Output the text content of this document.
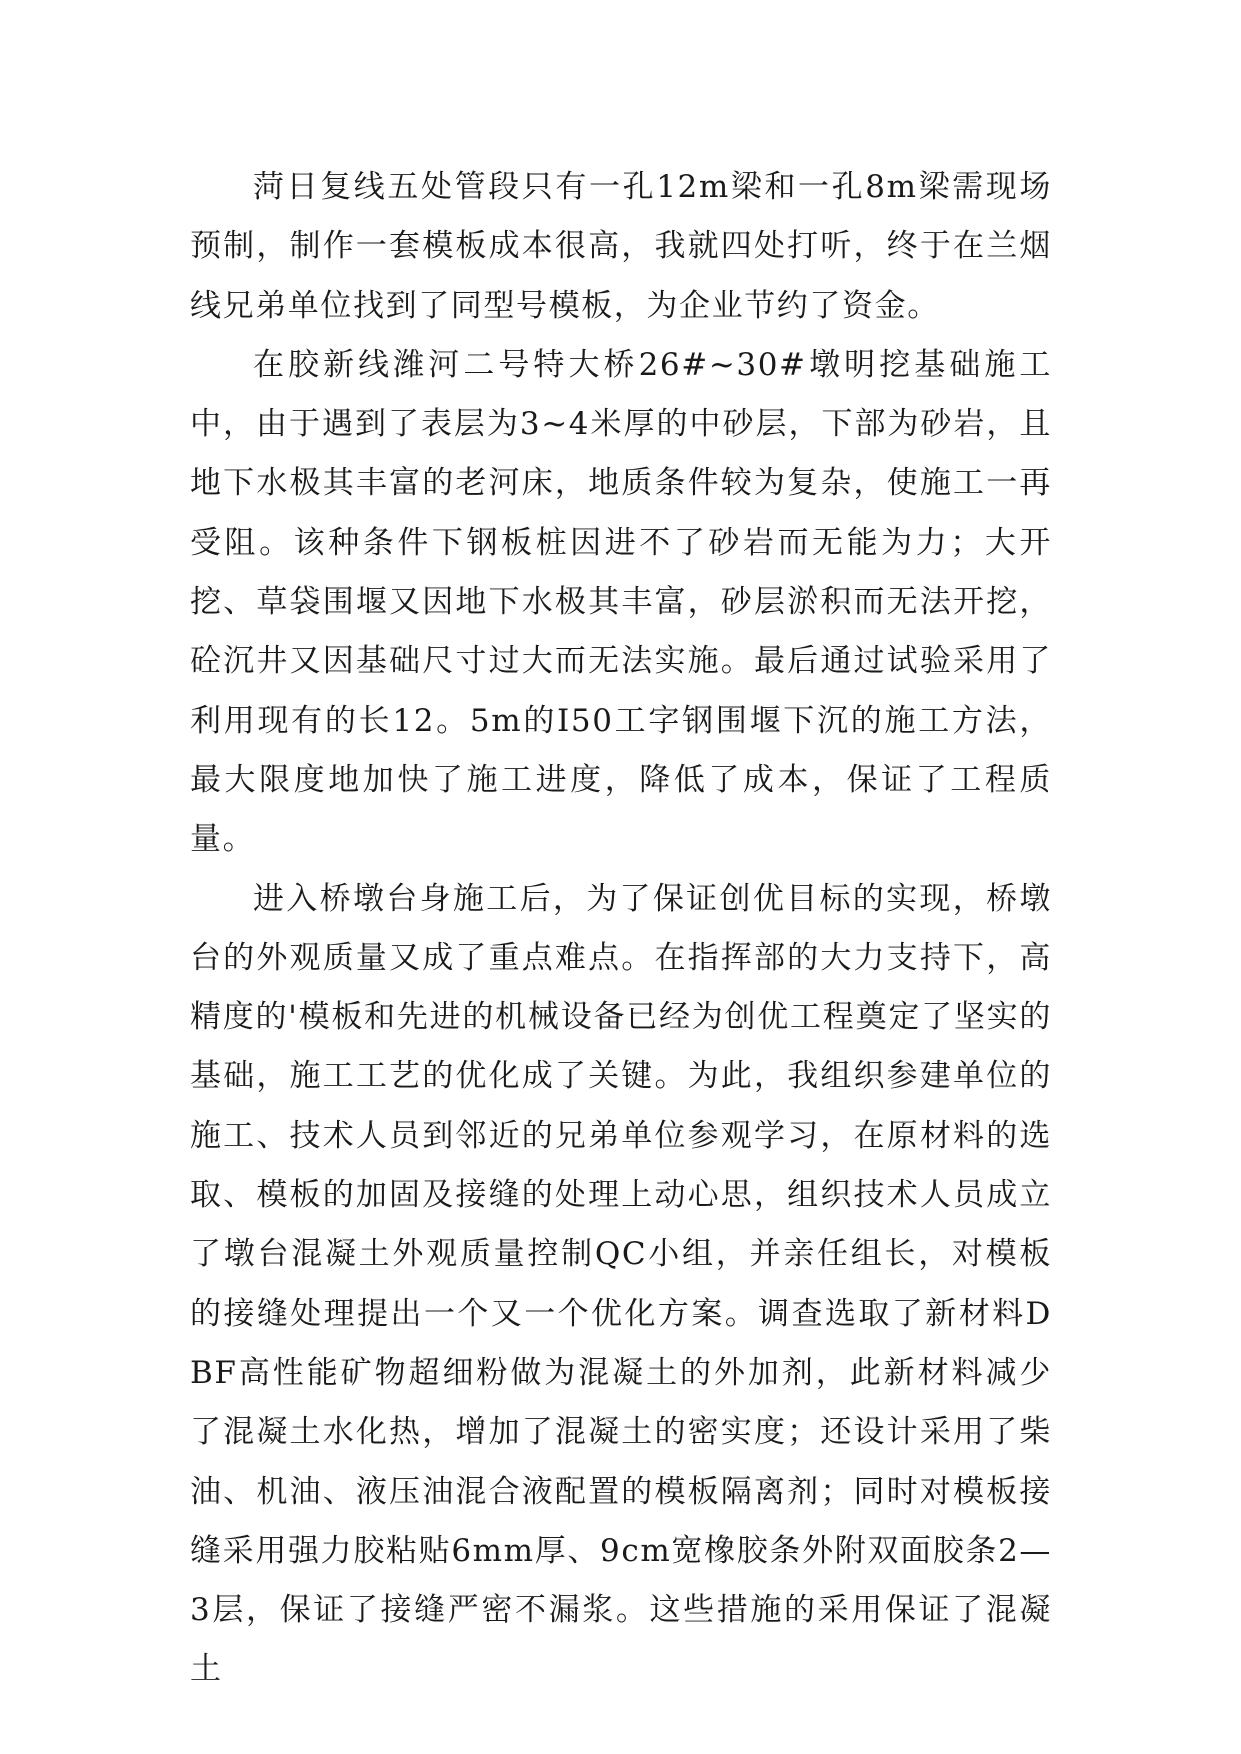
菏日复线五处管段只有一孔12m梁和一孔8m梁需现场预制，制作一套模板成本很高，我就四处打听，终于在兰烟线兄弟单位找到了同型号模板，为企业节约了资金。

在胶新线潍河二号特大桥26#~30#墩明挖基础施工中，由于遇到了表层为3~4米厚的中砂层，下部为砂岩，且地下水极其丰富的老河床，地质条件较为复杂，使施工一再受阻。该种条件下钢板桩因进不了砂岩而无能为力；大开挖、草袋围堰又因地下水极其丰富，砂层淤积而无法开挖，砼沉井又因基础尺寸过大而无法实施。最后通过试验采用了利用现有的长12。5m的I50工字钢围堰下沉的施工方法，最大限度地加快了施工进度，降低了成本，保证了工程质量。

进入桥墩台身施工后，为了保证创优目标的实现，桥墩台的外观质量又成了重点难点。在指挥部的大力支持下，高精度的'模板和先进的机械设备已经为创优工程奠定了坚实的基础，施工工艺的优化成了关键。为此，我组织参建单位的施工、技术人员到邻近的兄弟单位参观学习，在原材料的选取、模板的加固及接缝的处理上动心思，组织技术人员成立了墩台混凝土外观质量控制QC小组，并亲任组长，对模板的接缝处理提出一个又一个优化方案。调查选取了新材料DBF高性能矿物超细粉做为混凝土的外加剂，此新材料减少了混凝土水化热，增加了混凝土的密实度；还设计采用了柴油、机油、液压油混合液配置的模板隔离剂；同时对模板接缝采用强力胶粘贴6mm厚、9cm宽橡胶条外附双面胶条2—3层，保证了接缝严密不漏浆。这些措施的采用保证了混凝土
